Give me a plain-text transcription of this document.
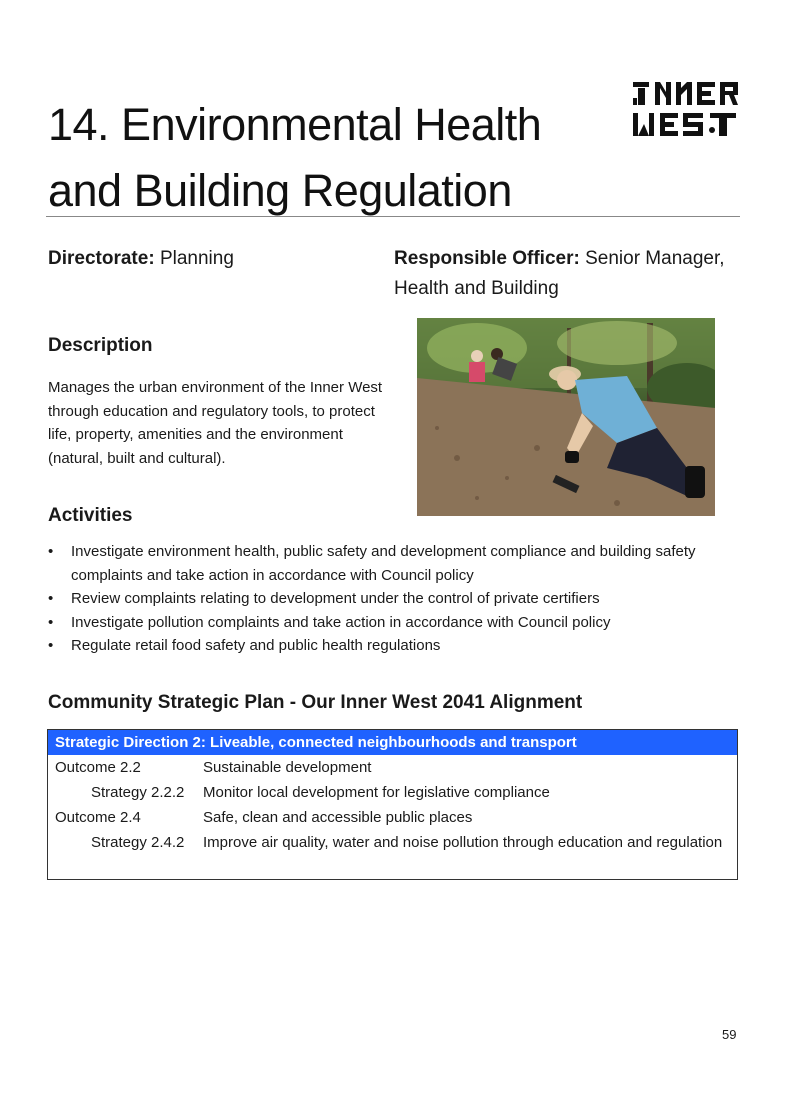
14. Environmental Health
and Building Regulation
Directorate: Planning	Responsible Officer: Senior Manager,
Health and Building
Description

Manages the urban environment of the Inner West through education and regulatory tools, to protect life, property, amenities and the environment (natural, built and cultural).

Activities
• Investigate environment health, public safety and development compliance and building safety complaints and take action in accordance with Council policy
• Review complaints relating to development under the control of private certifiers
• Investigate pollution complaints and take action in accordance with Council policy
• Regulate retail food safety and public health regulations
Community Strategic Plan - Our Inner West 2041 Alignment
Strategic Direction 2: Liveable, connected neighbourhoods and transport
Outcome 2.2	Sustainable development
Strategy 2.2.2 Monitor local development for legislative compliance
Outcome 2.4	Safe, clean and accessible public places
Strategy 2.4.2 Improve air quality, water and noise pollution through education and regulation
59
